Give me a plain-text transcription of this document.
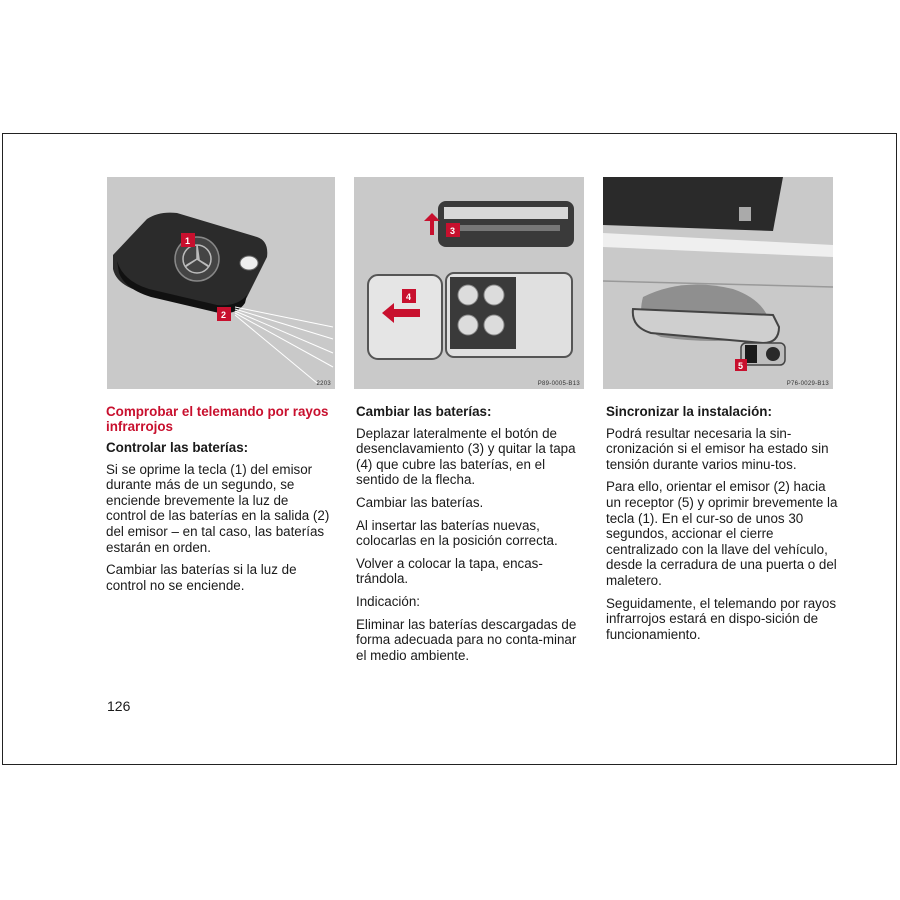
1
2
2203
3
4
P89-0005-B13
5
P76-0029-B13
Comprobar el telemando por rayos infrarrojos
Controlar las baterías:

Si se oprime la tecla (1) del emisor durante más de un segundo, se enciende brevemente la luz de control de las baterías en la salida (2) del emisor – en tal caso, las baterías estarán en orden.

Cambiar las baterías si la luz de control no se enciende.

Cambiar las baterías:

Deplazar lateralmente el botón de desenclavamiento (3) y quitar la tapa (4) que cubre las baterías, en el sentido de la flecha.

Cambiar las baterías.

Al insertar las baterías nuevas, colocarlas en la posición correcta.

Volver a colocar la tapa, encas-trándola.

Indicación:

Eliminar las baterías descargadas de forma adecuada para no conta-minar el medio ambiente.

Sincronizar la instalación:

Podrá resultar necesaria la sin-cronización si el emisor ha estado sin tensión durante varios minu-tos.

Para ello, orientar el emisor (2) hacia un receptor (5) y oprimir brevemente la tecla (1). En el cur-so de unos 30 segundos, accionar el cierre centralizado con la llave del vehículo, desde la cerradura de una puerta o del maletero.

Seguidamente, el telemando por rayos infrarrojos estará en dispo-sición de funcionamiento.

126
